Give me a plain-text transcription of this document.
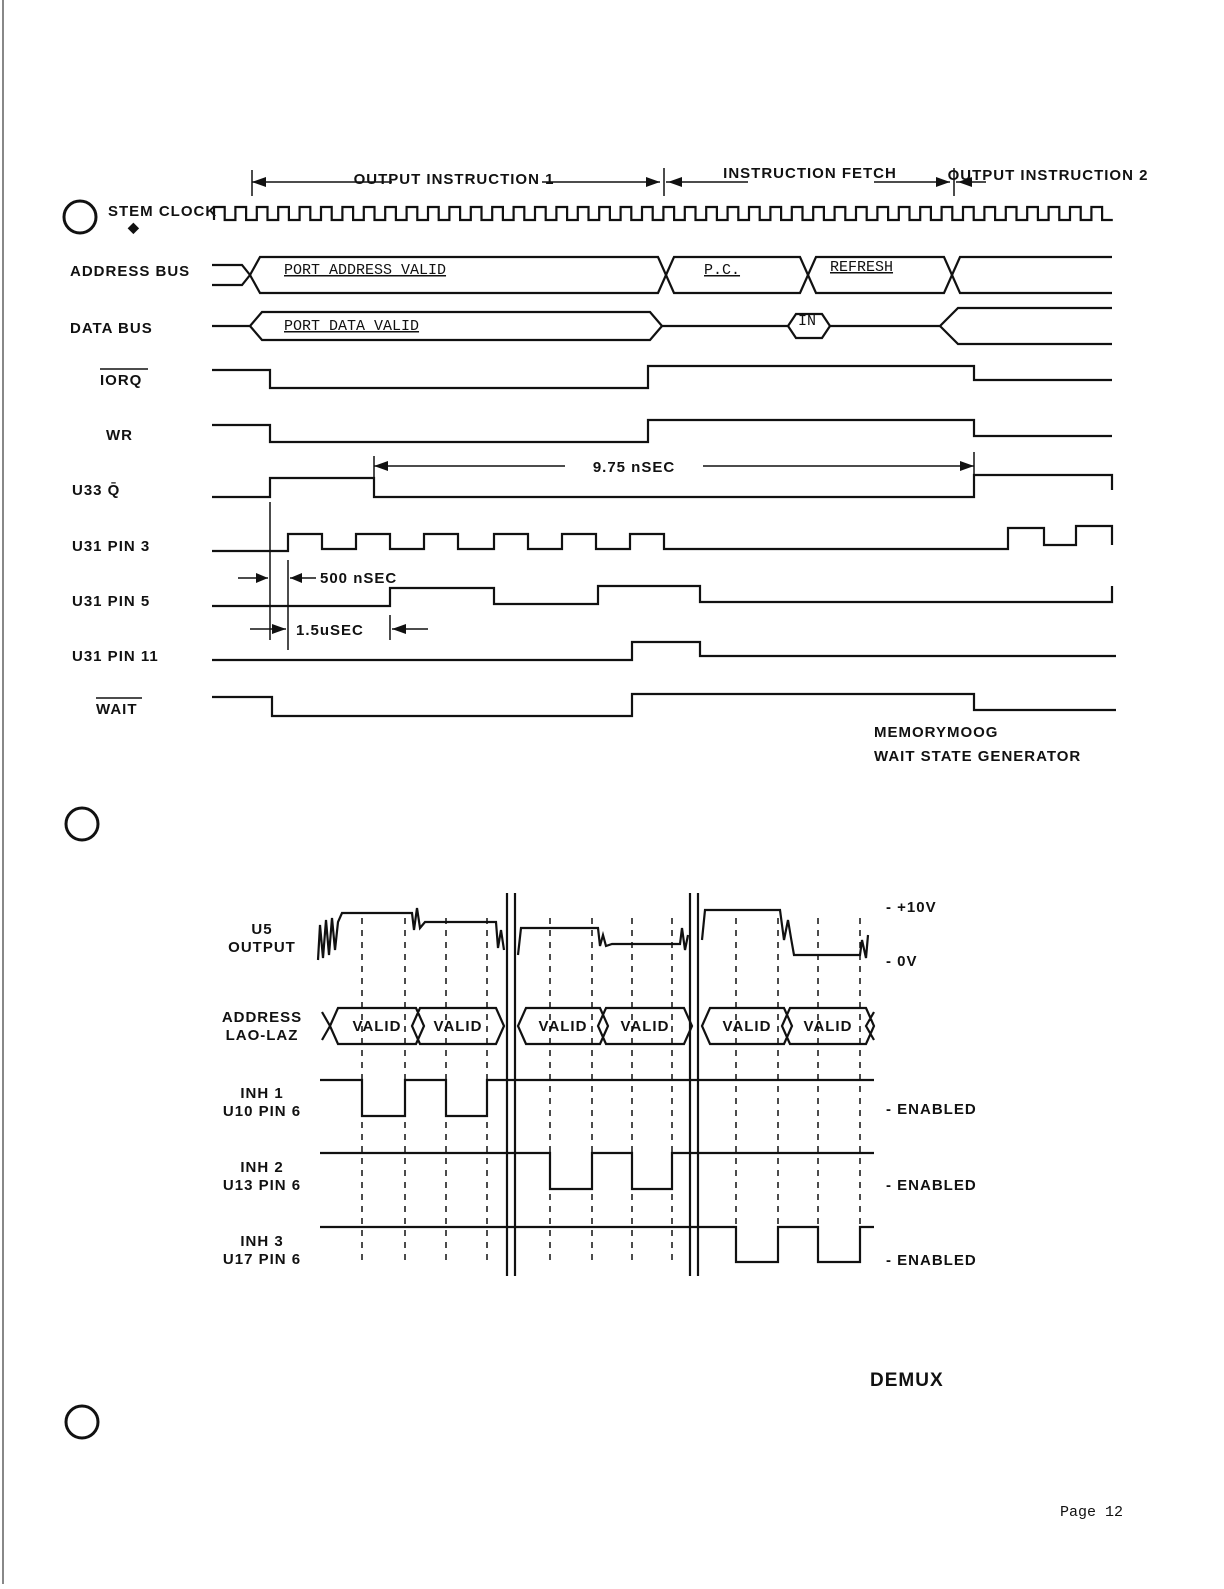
OUTPUT INSTRUCTION 1	INSTRUCTION FETCH	OUTPUT INSTRUCTION 2
STEM CLOCK
ADDRESS BUS
DATA BUS
IORQ
WR
U33 Q̄
U31 PIN 3
U31 PIN 5
U31 PIN 11
WAIT
◆
PORT ADDRESS VALID	P.C.	REFRESH
PORT DATA VALID	IN
9.75 nSEC
500 nSEC
1.5uSEC
MEMORYMOOG
WAIT STATE GENERATOR
U5
OUTPUT
ADDRESS
LAO-LAZ
INH 1
U10 PIN 6
INH 2
U13 PIN 6
INH 3
U17 PIN 6
- +10V
- 0V
VALID VALID	VALID VALID	VALID VALID
- ENABLED
- ENABLED
- ENABLED
DEMUX
Page 12
